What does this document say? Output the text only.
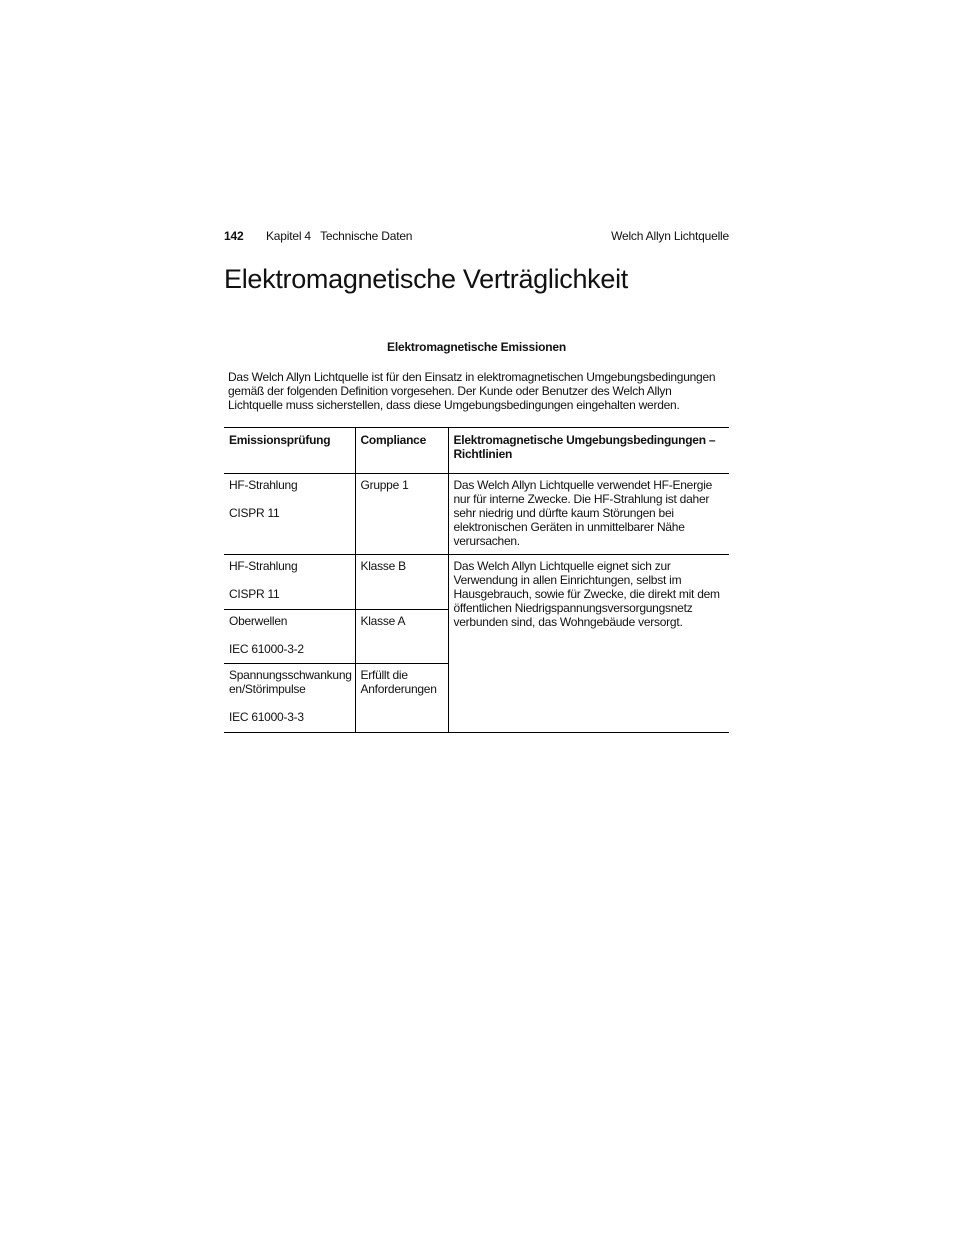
142 Kapitel 4   Technische Daten	Welch Allyn Lichtquelle
Elektromagnetische Verträglichkeit
Elektromagnetische Emissionen

Das Welch Allyn Lichtquelle ist für den Einsatz in elektromagnetischen Umgebungsbedingungen gemäß der folgenden Definition vorgesehen. Der Kunde oder Benutzer des Welch Allyn Lichtquelle muss sicherstellen, dass diese Umgebungsbedingungen eingehalten werden.

Emissionsprüfung	Compliance	Elektromagnetische Umgebungsbedingungen – Richtlinien

HF-Strahlung
CISPR 11	Gruppe 1	Das Welch Allyn Lichtquelle verwendet HF-Energie nur für interne Zwecke. Die HF-Strahlung ist daher sehr niedrig und dürfte kaum Störungen bei elektronischen Geräten in unmittelbarer Nähe verursachen.

HF-Strahlung
CISPR 11	Klasse B	Das Welch Allyn Lichtquelle eignet sich zur Verwendung in allen Einrichtungen, selbst im Hausgebrauch, sowie für Zwecke, die direkt mit dem öffentlichen Niedrigspannungsversorgungsnetz verbunden sind, das Wohngebäude versorgt.

Oberwellen
IEC 61000-3-2	Klasse A	

Spannungsschwankung en/Störimpulse
IEC 61000-3-3	Erfüllt die Anforderungen	
